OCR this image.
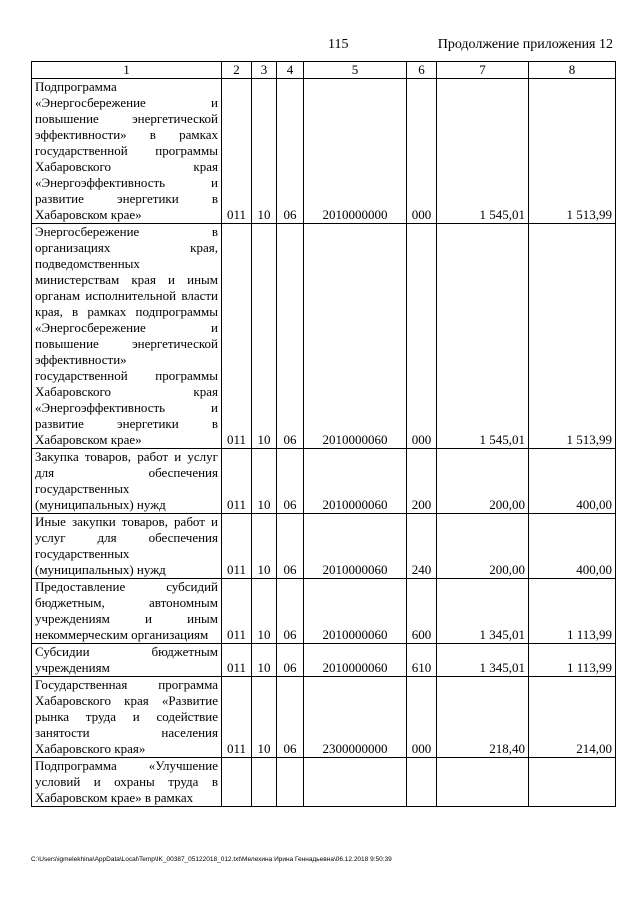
115	Продолжение приложения 12
1	2	3	4	5	6	7	8
Подпрограмма «Энергосбережение и повышение энергетической эффективности» в рамках государственной программы Хабаровского края «Энергоэффективность и развитие энергетики в Хабаровском крае»	011	10	06	2010000000	000	1 545,01	1 513,99
Энергосбережение в организациях края, подведомственных министерствам края и иным органам исполнительной власти края, в рамках подпрограммы «Энергосбережение и повышение энергетической эффективности» государственной программы Хабаровского края «Энергоэффективность и развитие энергетики в Хабаровском крае»	011	10	06	2010000060	000	1 545,01	1 513,99
Закупка товаров, работ и услуг для обеспечения государственных (муниципальных) нужд	011	10	06	2010000060	200	200,00	400,00
Иные закупки товаров, работ и услуг для обеспечения государственных (муниципальных) нужд	011	10	06	2010000060	240	200,00	400,00
Предоставление субсидий бюджетным, автономным учреждениям и иным некоммерческим организациям	011	10	06	2010000060	600	1 345,01	1 113,99
Субсидии бюджетным учреждениям	011	10	06	2010000060	610	1 345,01	1 113,99
Государственная программа Хабаровского края «Развитие рынка труда и содействие занятости населения Хабаровского края»	011	10	06	2300000000	000	218,40	214,00
Подпрограмма «Улучшение условий и охраны труда в Хабаровском крае» в рамках							
C:\Users\igmelekhina\AppData\Local\Temp\IK_00387_05122018_012.txt\Мелехина Ирина Геннадьевна\06.12.2018 9:50:39
